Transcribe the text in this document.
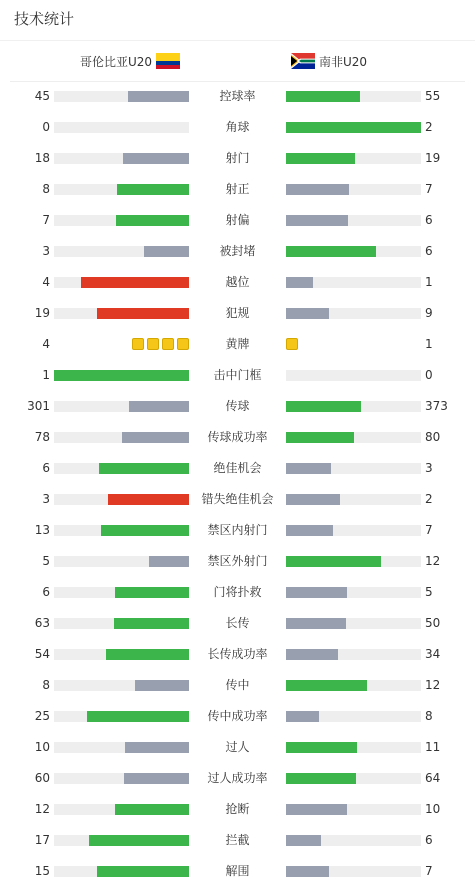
技术统计
哥伦比亚U20	南非U20
45	控球率	55
0	角球	2
18	射门	19
8	射正	7
7	射偏	6
3	被封堵	6
4	越位	1
19	犯规	9
4	黄牌	1
1	击中门框	0
301	传球	373
78	传球成功率	80
6	绝佳机会	3
3	错失绝佳机会	2
13	禁区内射门	7
5	禁区外射门	12
6	门将扑救	5
63	长传	50
54	长传成功率	34
8	传中	12
25	传中成功率	8
10	过人	11
60	过人成功率	64
12	抢断	10
17	拦截	6
15	解围	7
